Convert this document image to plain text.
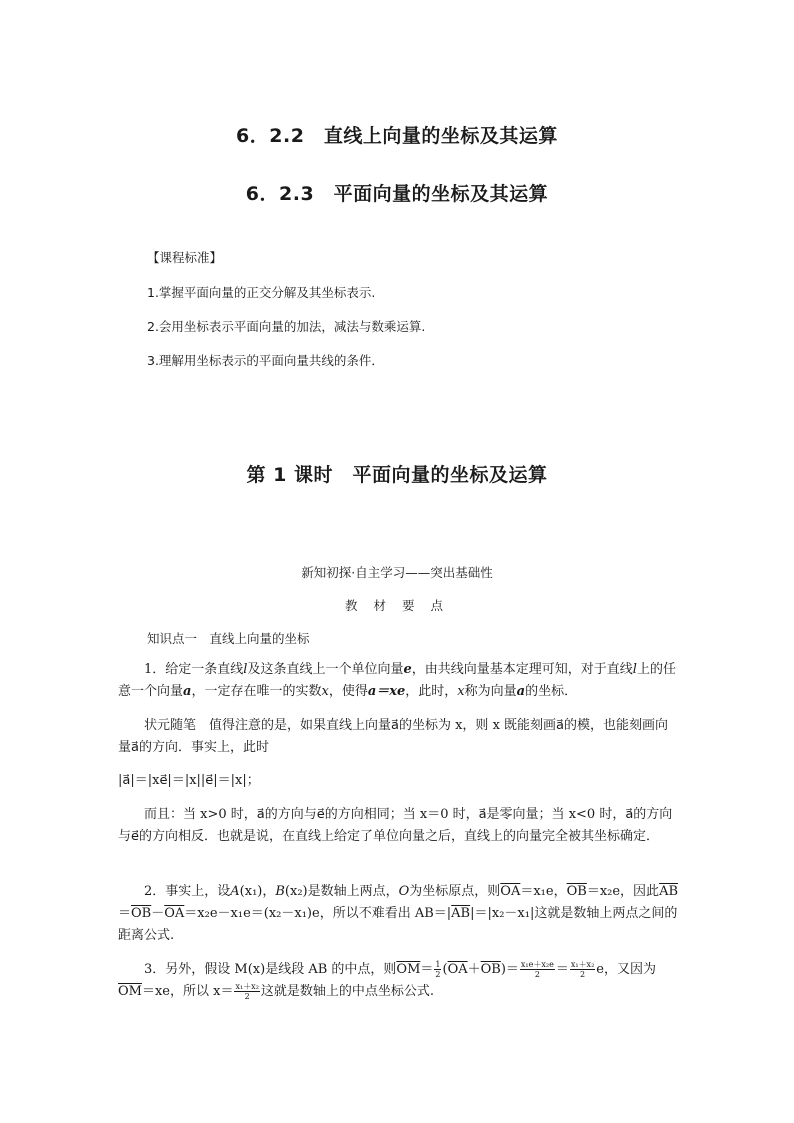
6．2.2　直线上向量的坐标及其运算
6．2.3　平面向量的坐标及其运算
【课程标准】
1.掌握平面向量的正交分解及其坐标表示.
2.会用坐标表示平面向量的加法，减法与数乘运算.
3.理解用坐标表示的平面向量共线的条件．
第 1 课时　平面向量的坐标及运算
新知初探·自主学习——突出基础性
教 材 要 点
知识点一　直线上向量的坐标
1．给定一条直线l及这条直线上一个单位向量e，由共线向量基本定理可知，对于直线l上的任意一个向量a，一定存在唯一的实数x，使得a＝xe，此时，x称为向量a的坐标．
状元随笔　值得注意的是，如果直线上向量a⃗的坐标为 x，则 x 既能刻画a⃗的模，也能刻画向量a⃗的方向．事实上，此时
|a⃗|＝|xe⃗|＝|x||e⃗|＝|x|；
而且：当 x>0 时，a⃗的方向与e⃗的方向相同；当 x＝0 时，a⃗是零向量；当 x<0 时，a⃗的方向与e⃗的方向相反．也就是说，在直线上给定了单位向量之后，直线上的向量完全被其坐标确定．
2．事实上，设A(x₁)，B(x₂)是数轴上两点，O为坐标原点，则$\overline{OA}=x_1e$，$\overline{OB}=x_2e$，因此$\overline{AB}=\overline{OB}-\overline{OA}=x_2e-x_1e=(x_2-x_1)e$，所以不难看出 $AB=|\overline{AB}|=|x_2-x_1|$这就是数轴上两点之间的距离公式.
3．另外，假设 M(x)是线段 AB 的中点，则$\overline{OM}= \frac{1}{2} (\overline{OA}+\overline{OB})= \frac{\text{x₁e＋x₂e}}{2} = \frac{\text{x₁＋x₂}}{2}$ e，又因为$\overline{OM}=xe$，所以 $x= \frac{\text{x₁＋x₂}}{2}$ 这就是数轴上的中点坐标公式.
